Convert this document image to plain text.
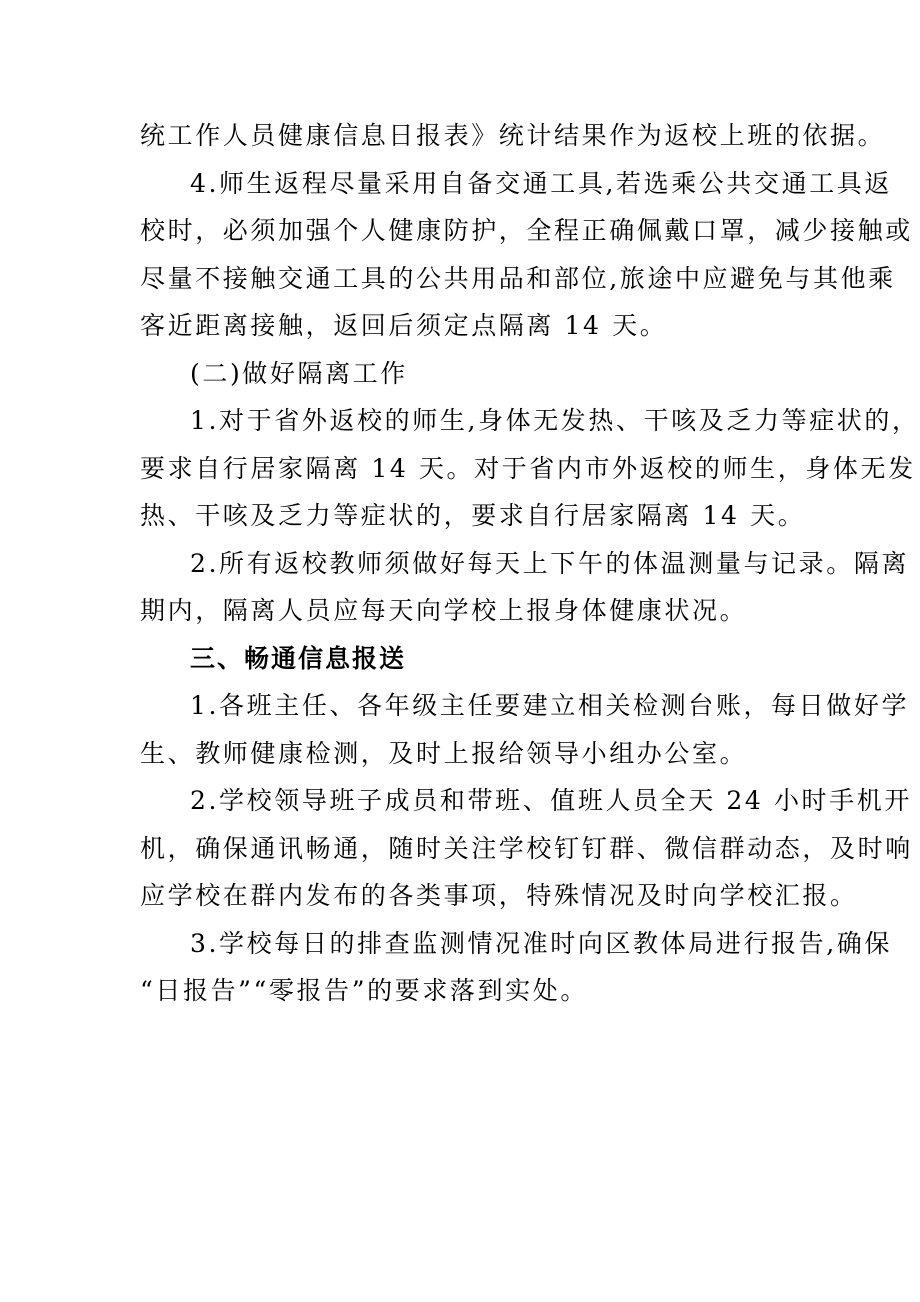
统工作人员健康信息日报表》统计结果作为返校上班的依据。
4.师生返程尽量采用自备交通工具,若选乘公共交通工具返
校时，必须加强个人健康防护，全程正确佩戴口罩，减少接触或
尽量不接触交通工具的公共用品和部位,旅途中应避免与其他乘
客近距离接触，返回后须定点隔离 14 天。
(二)做好隔离工作
1.对于省外返校的师生,身体无发热、干咳及乏力等症状的，
要求自行居家隔离 14 天。对于省内市外返校的师生，身体无发
热、干咳及乏力等症状的，要求自行居家隔离 14 天。
2.所有返校教师须做好每天上下午的体温测量与记录。隔离
期内，隔离人员应每天向学校上报身体健康状况。
三、畅通信息报送
1.各班主任、各年级主任要建立相关检测台账，每日做好学
生、教师健康检测，及时上报给领导小组办公室。
2.学校领导班子成员和带班、值班人员全天 24 小时手机开
机，确保通讯畅通，随时关注学校钉钉群、微信群动态，及时响
应学校在群内发布的各类事项，特殊情况及时向学校汇报。
3.学校每日的排查监测情况准时向区教体局进行报告,确保
“日报告”“零报告”的要求落到实处。
